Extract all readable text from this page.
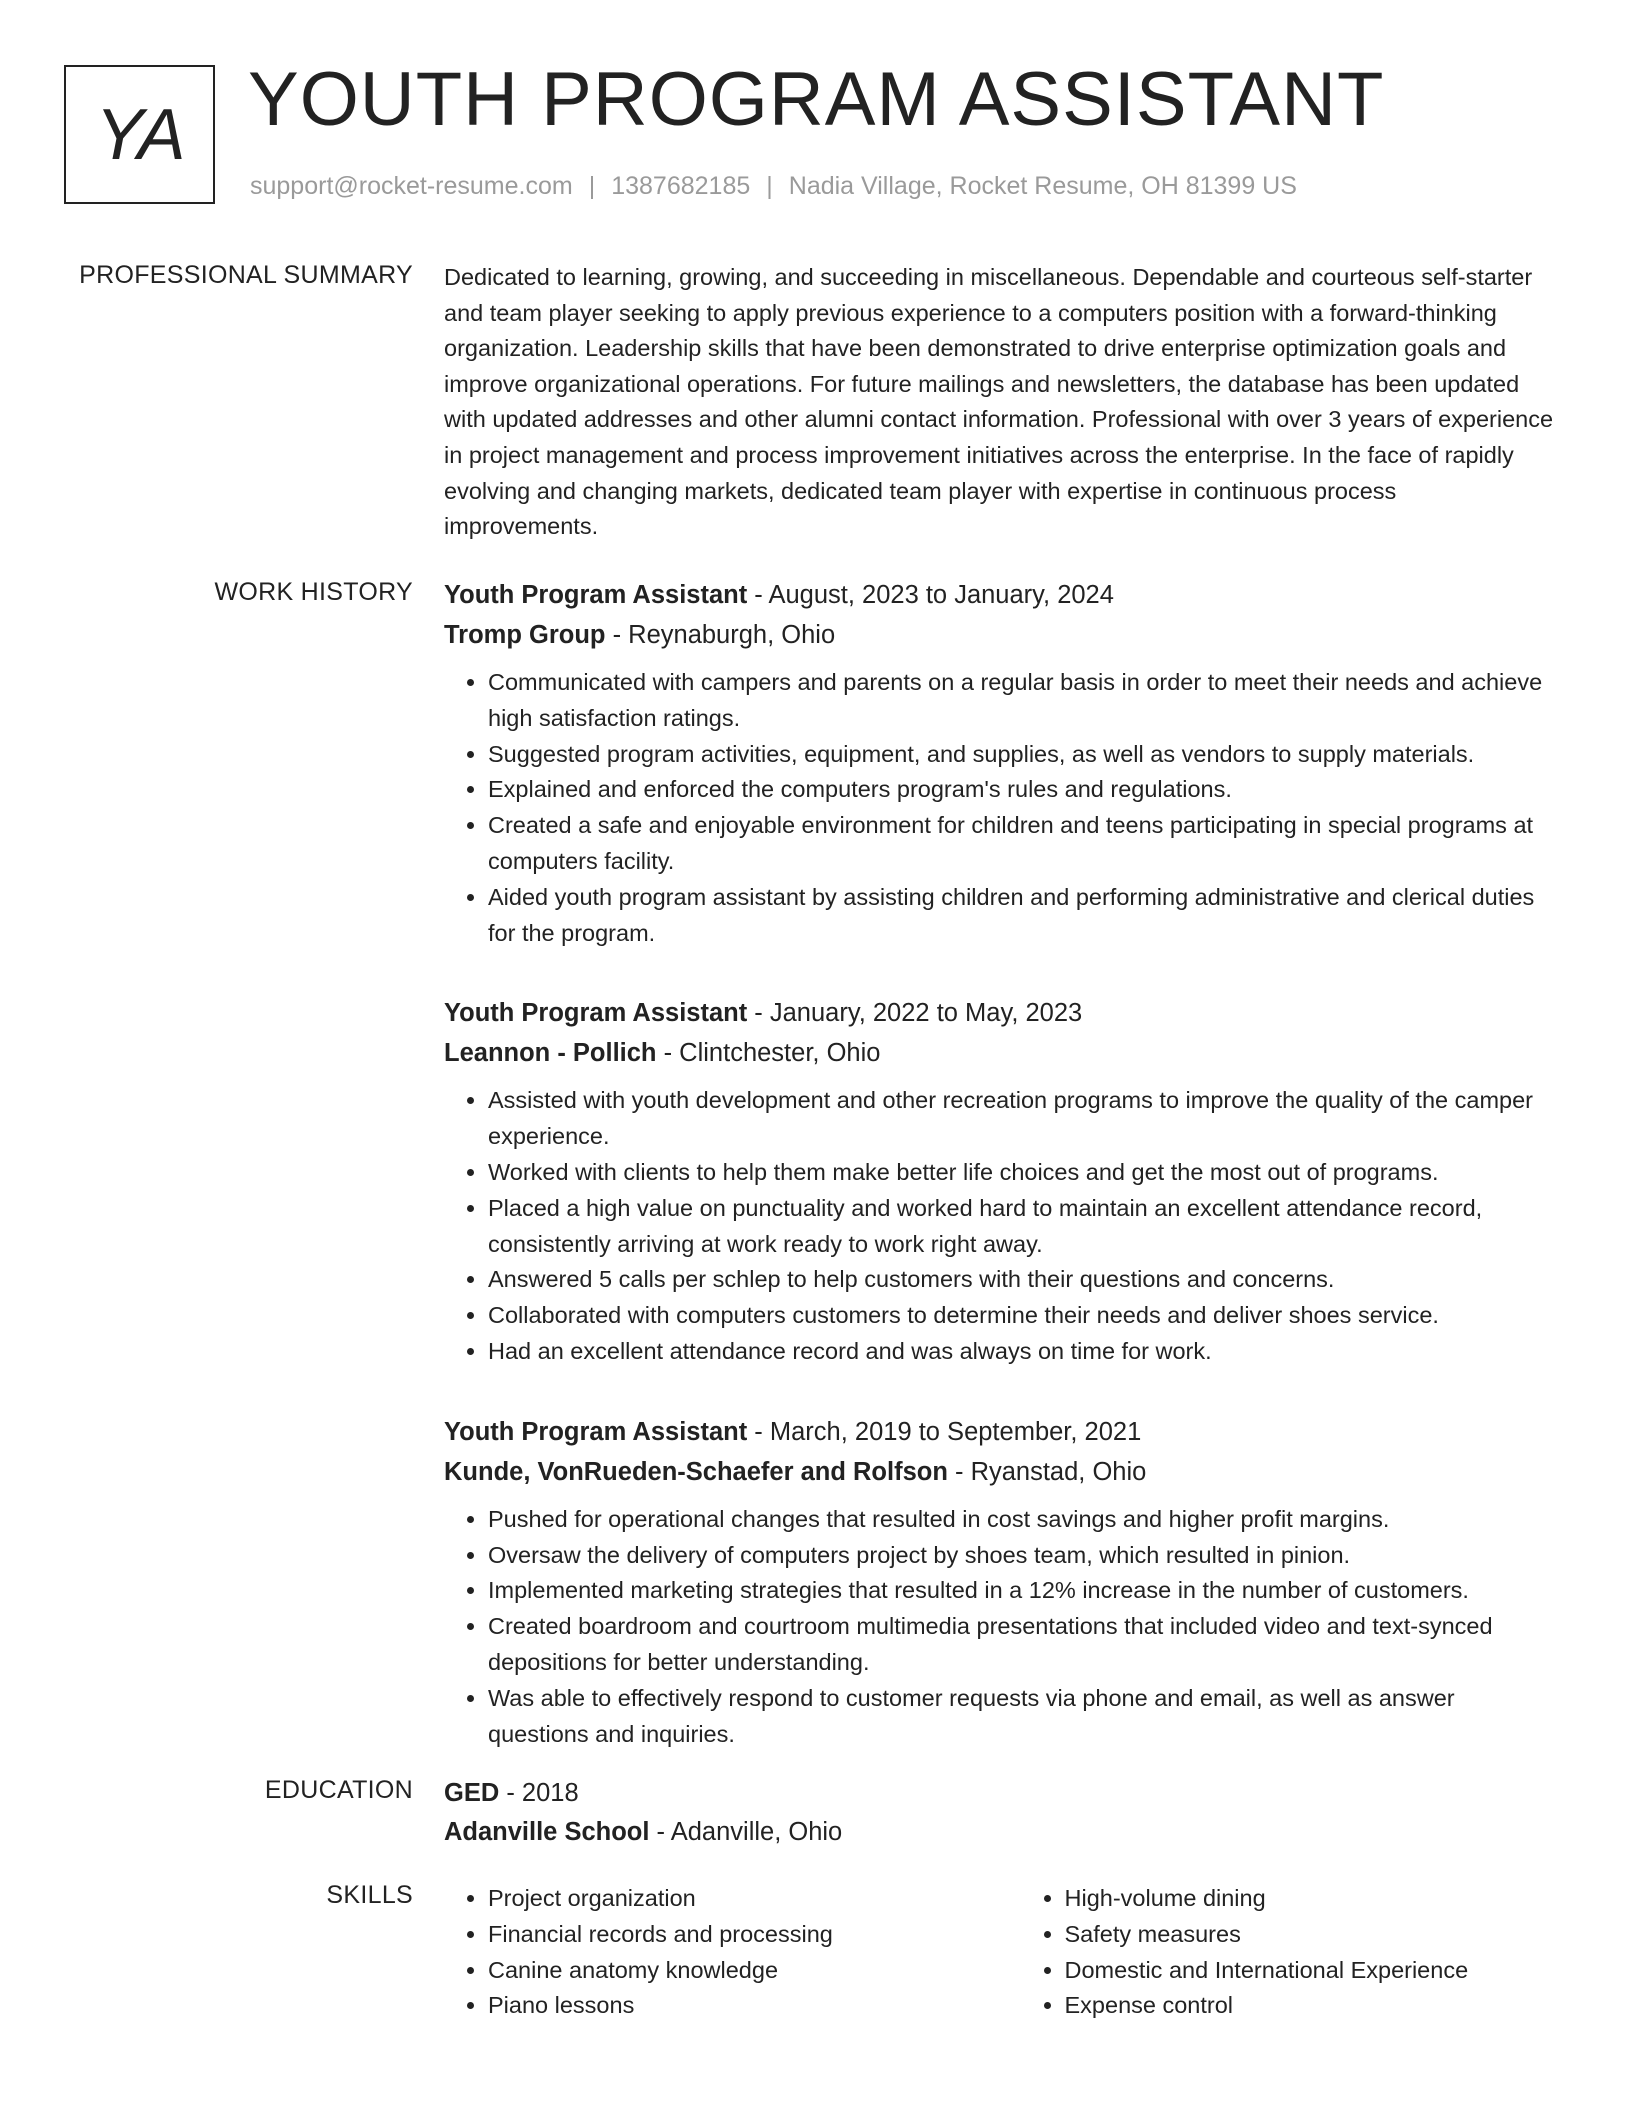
YA YOUTH PROGRAM ASSISTANT
support@rocket-resume.com | 1387682185 | Nadia Village, Rocket Resume, OH 81399 US
PROFESSIONAL SUMMARY Dedicated to learning, growing, and succeeding in miscellaneous. Dependable and courteous self-starter and team player seeking to apply previous experience to a computers position with a forward-thinking organization. Leadership skills that have been demonstrated to drive enterprise optimization goals and improve organizational operations. For future mailings and newsletters, the database has been updated with updated addresses and other alumni contact information. Professional with over 3 years of experience in project management and process improvement initiatives across the enterprise. In the face of rapidly evolving and changing markets, dedicated team player with expertise in continuous process improvements.

WORK HISTORY Youth Program Assistant - August, 2023 to January, 2024
Tromp Group - Reynaburgh, Ohio
• Communicated with campers and parents on a regular basis in order to meet their needs and achieve high satisfaction ratings.
• Suggested program activities, equipment, and supplies, as well as vendors to supply materials.
• Explained and enforced the computers program's rules and regulations.
• Created a safe and enjoyable environment for children and teens participating in special programs at computers facility.
• Aided youth program assistant by assisting children and performing administrative and clerical duties for the program.
Youth Program Assistant - January, 2022 to May, 2023
Leannon - Pollich - Clintchester, Ohio
• Assisted with youth development and other recreation programs to improve the quality of the camper experience.
• Worked with clients to help them make better life choices and get the most out of programs.
• Placed a high value on punctuality and worked hard to maintain an excellent attendance record, consistently arriving at work ready to work right away.
• Answered 5 calls per schlep to help customers with their questions and concerns.
• Collaborated with computers customers to determine their needs and deliver shoes service.
• Had an excellent attendance record and was always on time for work.
Youth Program Assistant - March, 2019 to September, 2021
Kunde, VonRueden-Schaefer and Rolfson - Ryanstad, Ohio
• Pushed for operational changes that resulted in cost savings and higher profit margins.
• Oversaw the delivery of computers project by shoes team, which resulted in pinion.
• Implemented marketing strategies that resulted in a 12% increase in the number of customers.
• Created boardroom and courtroom multimedia presentations that included video and text-synced depositions for better understanding.
• Was able to effectively respond to customer requests via phone and email, as well as answer questions and inquiries.
EDUCATION GED - 2018
Adanville School - Adanville, Ohio
SKILLS
•	Project organization
• Financial records and processing
• Canine anatomy knowledge
• Piano lessons
• High-volume dining
• Safety measures
• Domestic and International Experience
• Expense control
